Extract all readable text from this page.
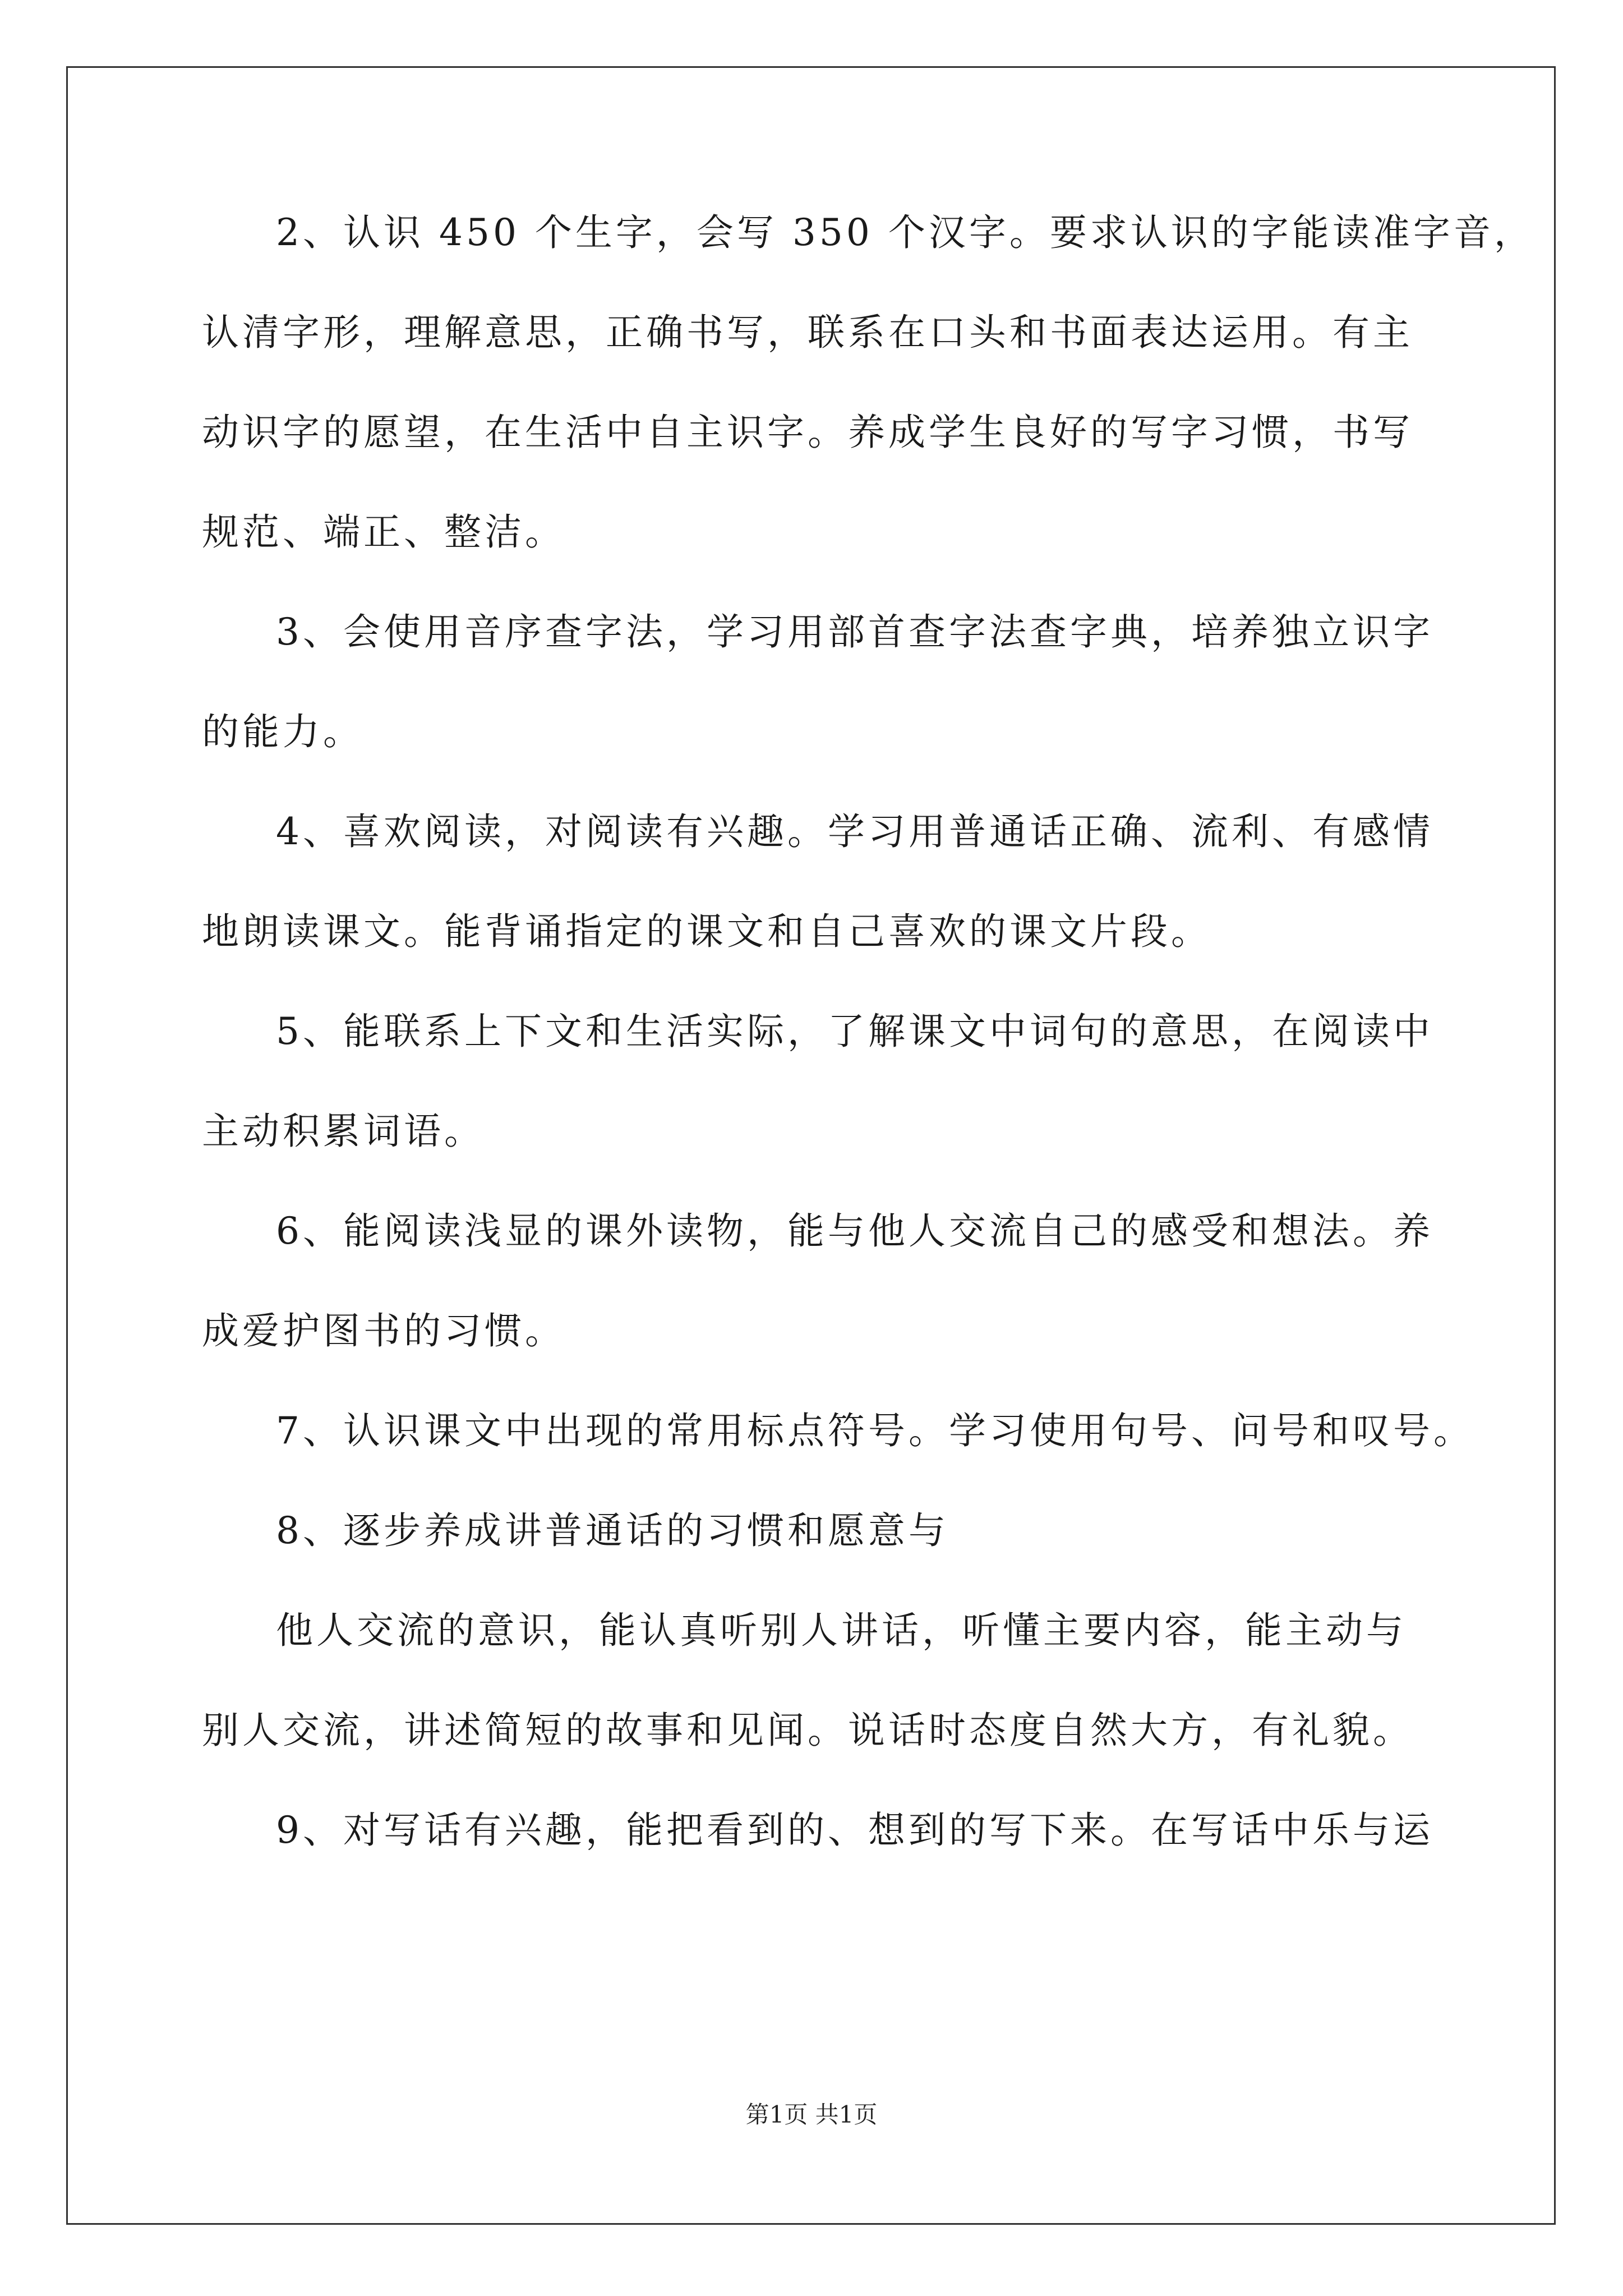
2、认识 450 个生字，会写 350 个汉字。要求认识的字能读准字音，
认清字形，理解意思，正确书写，联系在口头和书面表达运用。有主
动识字的愿望，在生活中自主识字。养成学生良好的写字习惯，书写
规范、端正、整洁。
3、会使用音序查字法，学习用部首查字法查字典，培养独立识字
的能力。
4、喜欢阅读，对阅读有兴趣。学习用普通话正确、流利、有感情
地朗读课文。能背诵指定的课文和自己喜欢的课文片段。
5、能联系上下文和生活实际，了解课文中词句的意思，在阅读中
主动积累词语。
6、能阅读浅显的课外读物，能与他人交流自己的感受和想法。养
成爱护图书的习惯。
7、认识课文中出现的常用标点符号。学习使用句号、问号和叹号。
8、逐步养成讲普通话的习惯和愿意与
他人交流的意识，能认真听别人讲话，听懂主要内容，能主动与
别人交流，讲述简短的故事和见闻。说话时态度自然大方，有礼貌。
9、对写话有兴趣，能把看到的、想到的写下来。在写话中乐与运
第1页 共1页
